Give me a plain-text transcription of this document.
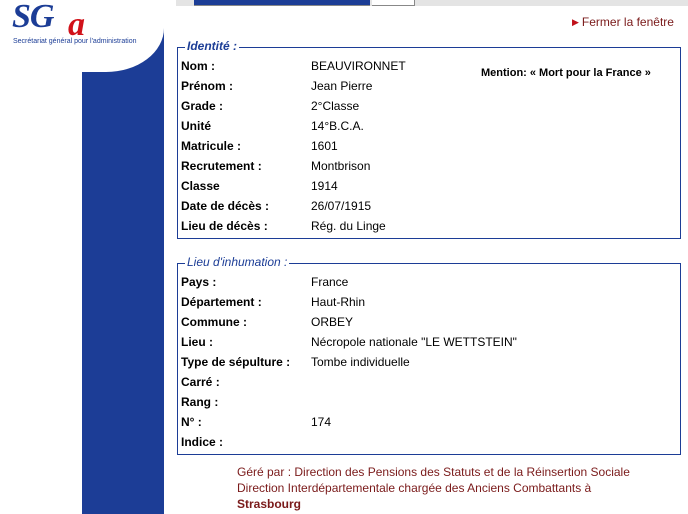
SG a
Secrétariat général pour l'administration
▶ Fermer la fenêtre
Identité :
Mention: « Mort pour la France »
Nom :	BEAUVIRONNET
Prénom :	Jean Pierre
Grade :	2°Classe
Unité	14°B.C.A.
Matricule :	1601
Recrutement :	Montbrison
Classe	1914
Date de décès :	26/07/1915
Lieu de décès :	Rég. du Linge
Lieu d'inhumation :
Pays :	France
Département :	Haut-Rhin
Commune :	ORBEY
Lieu :	Nécropole nationale "LE WETTSTEIN"
Type de sépulture :	Tombe individuelle
Carré :
Rang :
N° :	174
Indice :
Géré par : Direction des Pensions des Statuts et de la Réinsertion Sociale
Direction Interdépartementale chargée des Anciens Combattants à
Strasbourg
